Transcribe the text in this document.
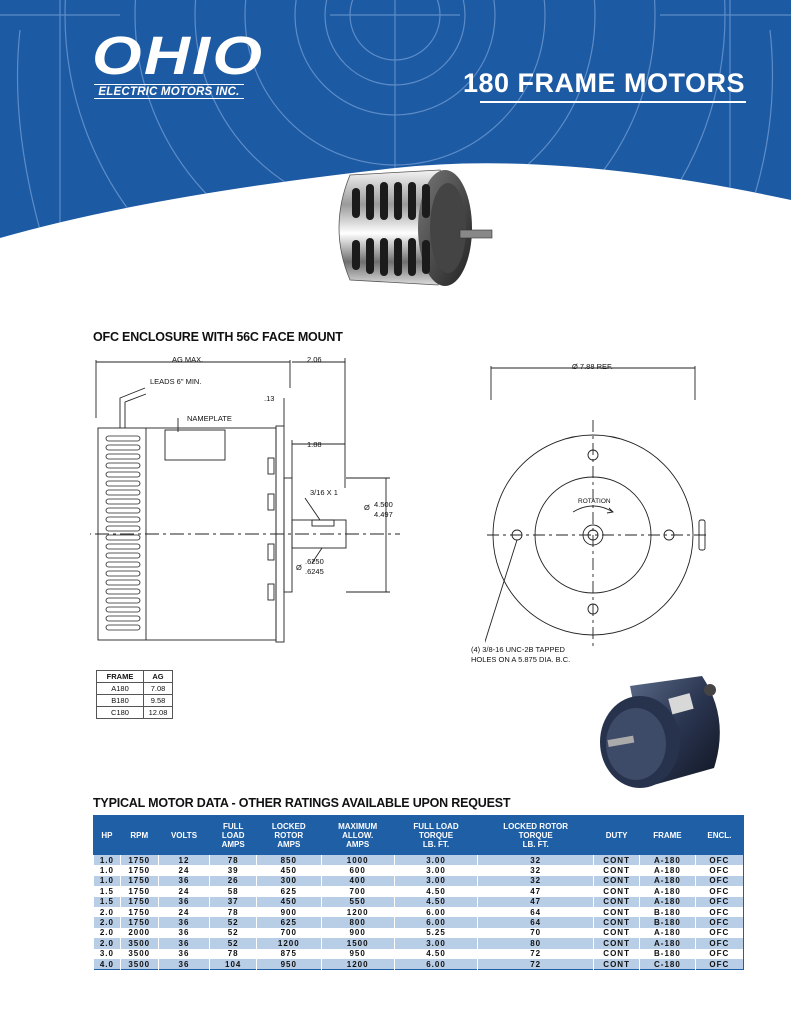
OHIO
ELECTRIC MOTORS INC.	180 FRAME MOTORS
OFC ENCLOSURE WITH 56C FACE MOUNT
AG MAX.	2.06
LEADS 6" MIN.
.13
NAMEPLATE
1.88
3/16 X 1
Ø 4.500
4.497
Ø
.6250
.6245
Ø 7.88 REF.
ROTATION
(4) 3/8-16 UNC-2B TAPPED
HOLES ON A 5.875 DIA. B.C.
FRAME	AG
A180	7.08
B180	9.58
C180	12.08
TYPICAL MOTOR DATA - OTHER RATINGS AVAILABLE UPON REQUEST
HP	RPM	VOLTS	FULL
LOAD
AMPS	LOCKED
ROTOR
AMPS	MAXIMUM
ALLOW.
AMPS	FULL LOAD
TORQUE
LB. FT.	LOCKED ROTOR
TORQUE
LB. FT.	DUTY	FRAME	ENCL.
1.0	1750	12	78	850	1000	3.00	32	CONT	A-180	OFC
1.0	1750	24	39	450	600	3.00	32	CONT	A-180	OFC
1.0	1750	36	26	300	400	3.00	32	CONT	A-180	OFC
1.5	1750	24	58	625	700	4.50	47	CONT	A-180	OFC
1.5	1750	36	37	450	550	4.50	47	CONT	A-180	OFC
2.0	1750	24	78	900	1200	6.00	64	CONT	B-180	OFC
2.0	1750	36	52	625	800	6.00	64	CONT	B-180	OFC
2.0	2000	36	52	700	900	5.25	70	CONT	A-180	OFC
2.0	3500	36	52	1200	1500	3.00	80	CONT	A-180	OFC
3.0	3500	36	78	875	950	4.50	72	CONT	B-180	OFC
4.0	3500	36	104	950	1200	6.00	72	CONT	C-180	OFC
